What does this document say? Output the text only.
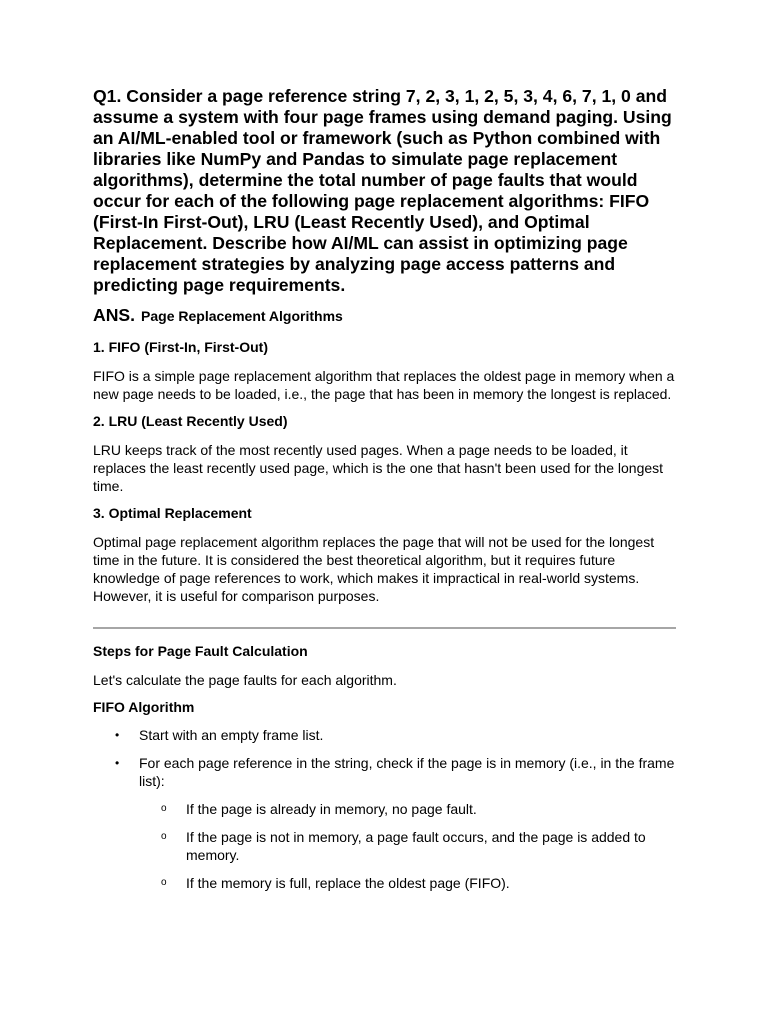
Q1. Consider a page reference string 7, 2, 3, 1, 2, 5, 3, 4, 6, 7, 1, 0 and assume a system with four page frames using demand paging. Using an AI/ML-enabled tool or framework (such as Python combined with libraries like NumPy and Pandas to simulate page replacement algorithms), determine the total number of page faults that would occur for each of the following page replacement algorithms: FIFO (First-In First-Out), LRU (Least Recently Used), and Optimal Replacement. Describe how AI/ML can assist in optimizing page replacement strategies by analyzing page access patterns and predicting page requirements.

ANS. Page Replacement Algorithms

1. FIFO (First-In, First-Out)

FIFO is a simple page replacement algorithm that replaces the oldest page in memory when a new page needs to be loaded, i.e., the page that has been in memory the longest is replaced.

2. LRU (Least Recently Used)

LRU keeps track of the most recently used pages. When a page needs to be loaded, it replaces the least recently used page, which is the one that hasn't been used for the longest time.

3. Optimal Replacement

Optimal page replacement algorithm replaces the page that will not be used for the longest time in the future. It is considered the best theoretical algorithm, but it requires future knowledge of page references to work, which makes it impractical in real-world systems. However, it is useful for comparison purposes.

Steps for Page Fault Calculation

Let's calculate the page faults for each algorithm.

FIFO Algorithm
• Start with an empty frame list.
• For each page reference in the string, check if the page is in memory (i.e., in the frame list):
o If the page is already in memory, no page fault.
o If the page is not in memory, a page fault occurs, and the page is added to memory.
o If the memory is full, replace the oldest page (FIFO).
